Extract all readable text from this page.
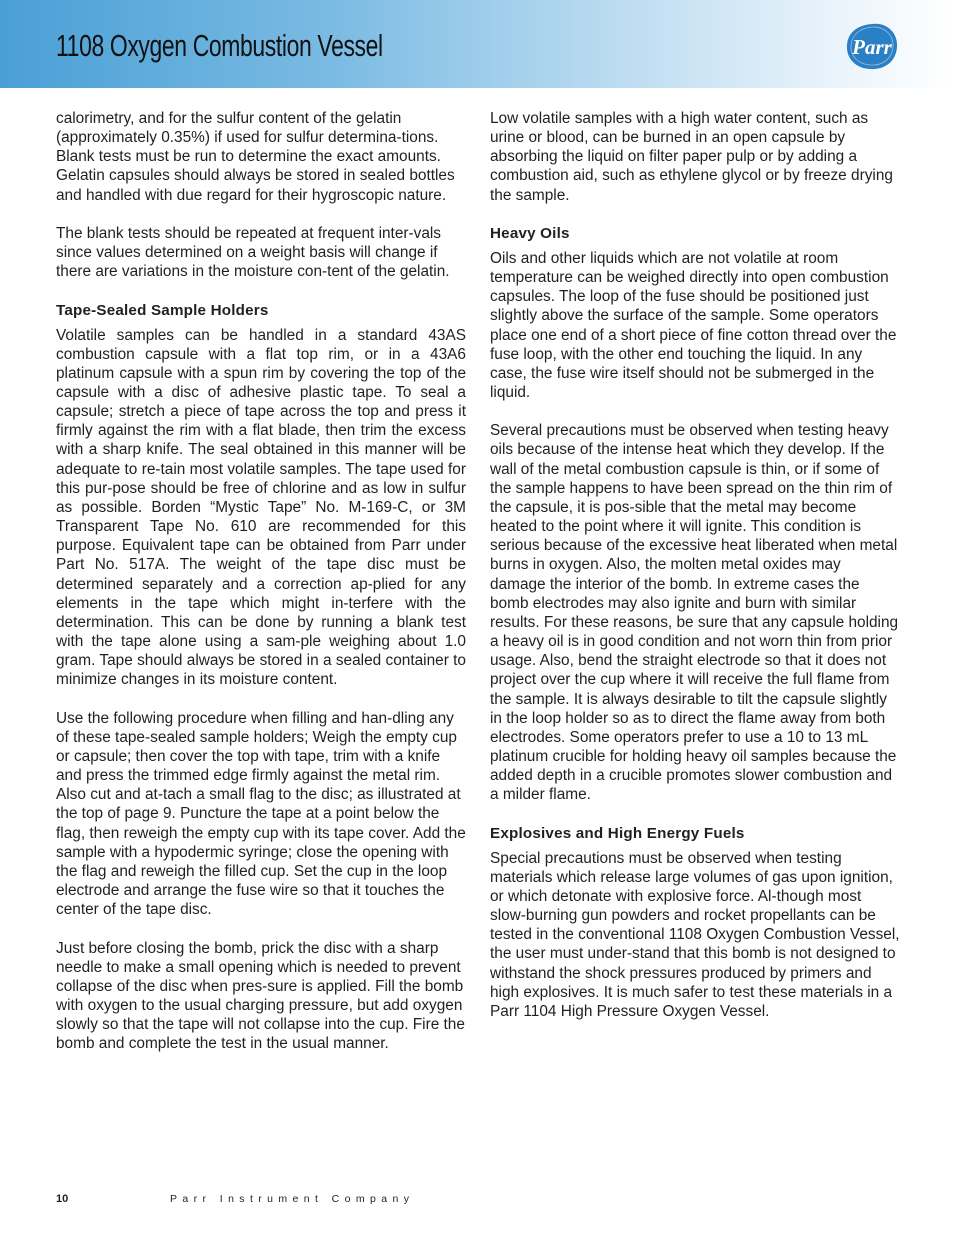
1108 Oxygen Combustion Vessel	Parr

calorimetry, and for the sulfur content of the gelatin (approximately 0.35%) if used for sulfur determina-tions. Blank tests must be run to determine the exact amounts. Gelatin capsules should always be stored in sealed bottles and handled with due regard for their hygroscopic nature.

The blank tests should be repeated at frequent inter-vals since values determined on a weight basis will change if there are variations in the moisture con-tent of the gelatin.

Tape-Sealed Sample Holders

Volatile samples can be handled in a standard 43AS combustion capsule with a flat top rim, or in a 43A6 platinum capsule with a spun rim by covering the top of the capsule with a disc of adhesive plastic tape. To seal a capsule; stretch a piece of tape across the top and press it firmly against the rim with a flat blade, then trim the excess with a sharp knife. The seal obtained in this manner will be adequate to re-tain most volatile samples. The tape used for this pur-pose should be free of chlorine and as low in sulfur as possible. Borden “Mystic Tape” No. M-169-C, or 3M Transparent Tape No. 610 are recommended for this purpose. Equivalent tape can be obtained from Parr under Part No. 517A. The weight of the tape disc must be determined separately and a correction ap-plied for any elements in the tape which might in-terfere with the determination. This can be done by running a blank test with the tape alone using a sam-ple weighing about 1.0 gram. Tape should always be stored in a sealed container to minimize changes in its moisture content.

Use the following procedure when filling and han-dling any of these tape-sealed sample holders; Weigh the empty cup or capsule; then cover the top with tape, trim with a knife and press the trimmed edge firmly against the metal rim. Also cut and at-tach a small flag to the disc; as illustrated at the top of page 9. Puncture the tape at a point below the flag, then reweigh the empty cup with its tape cover. Add the sample with a hypodermic syringe; close the opening with the flag and reweigh the filled cup. Set the cup in the loop electrode and arrange the fuse wire so that it touches the center of the tape disc.

Just before closing the bomb, prick the disc with a sharp needle to make a small opening which is needed to prevent collapse of the disc when pres-sure is applied. Fill the bomb with oxygen to the usual charging pressure, but add oxygen slowly so that the tape will not collapse into the cup. Fire the bomb and complete the test in the usual manner.

Low volatile samples with a high water content, such as urine or blood, can be burned in an open capsule by absorbing the liquid on filter paper pulp or by adding a combustion aid, such as ethylene glycol or by freeze drying the sample.

Heavy Oils

Oils and other liquids which are not volatile at room temperature can be weighed directly into open combustion capsules. The loop of the fuse should be positioned just slightly above the surface of the sample. Some operators place one end of a short piece of fine cotton thread over the fuse loop, with the other end touching the liquid. In any case, the fuse wire itself should not be submerged in the liquid.

Several precautions must be observed when testing heavy oils because of the intense heat which they develop. If the wall of the metal combustion capsule is thin, or if some of the sample happens to have been spread on the thin rim of the capsule, it is pos-sible that the metal may become heated to the point where it will ignite. This condition is serious because of the excessive heat liberated when metal burns in oxygen. Also, the molten metal oxides may damage the interior of the bomb. In extreme cases the bomb electrodes may also ignite and burn with similar results. For these reasons, be sure that any capsule holding a heavy oil is in good condition and not worn thin from prior usage. Also, bend the straight electrode so that it does not project over the cup where it will receive the full flame from the sample. It is always desirable to tilt the capsule slightly in the loop holder so as to direct the flame away from both electrodes. Some operators prefer to use a 10 to 13 mL platinum crucible for holding heavy oil samples because the added depth in a crucible promotes slower combustion and a milder flame.

Explosives and High Energy Fuels

Special precautions must be observed when testing materials which release large volumes of gas upon ignition, or which detonate with explosive force. Al-though most slow-burning gun powders and rocket propellants can be tested in the conventional 1108 Oxygen Combustion Vessel, the user must under-stand that this bomb is not designed to withstand the shock pressures produced by primers and high explosives. It is much safer to test these materials in a Parr 1104 High Pressure Oxygen Vessel.

10	Parr Instrument Company
